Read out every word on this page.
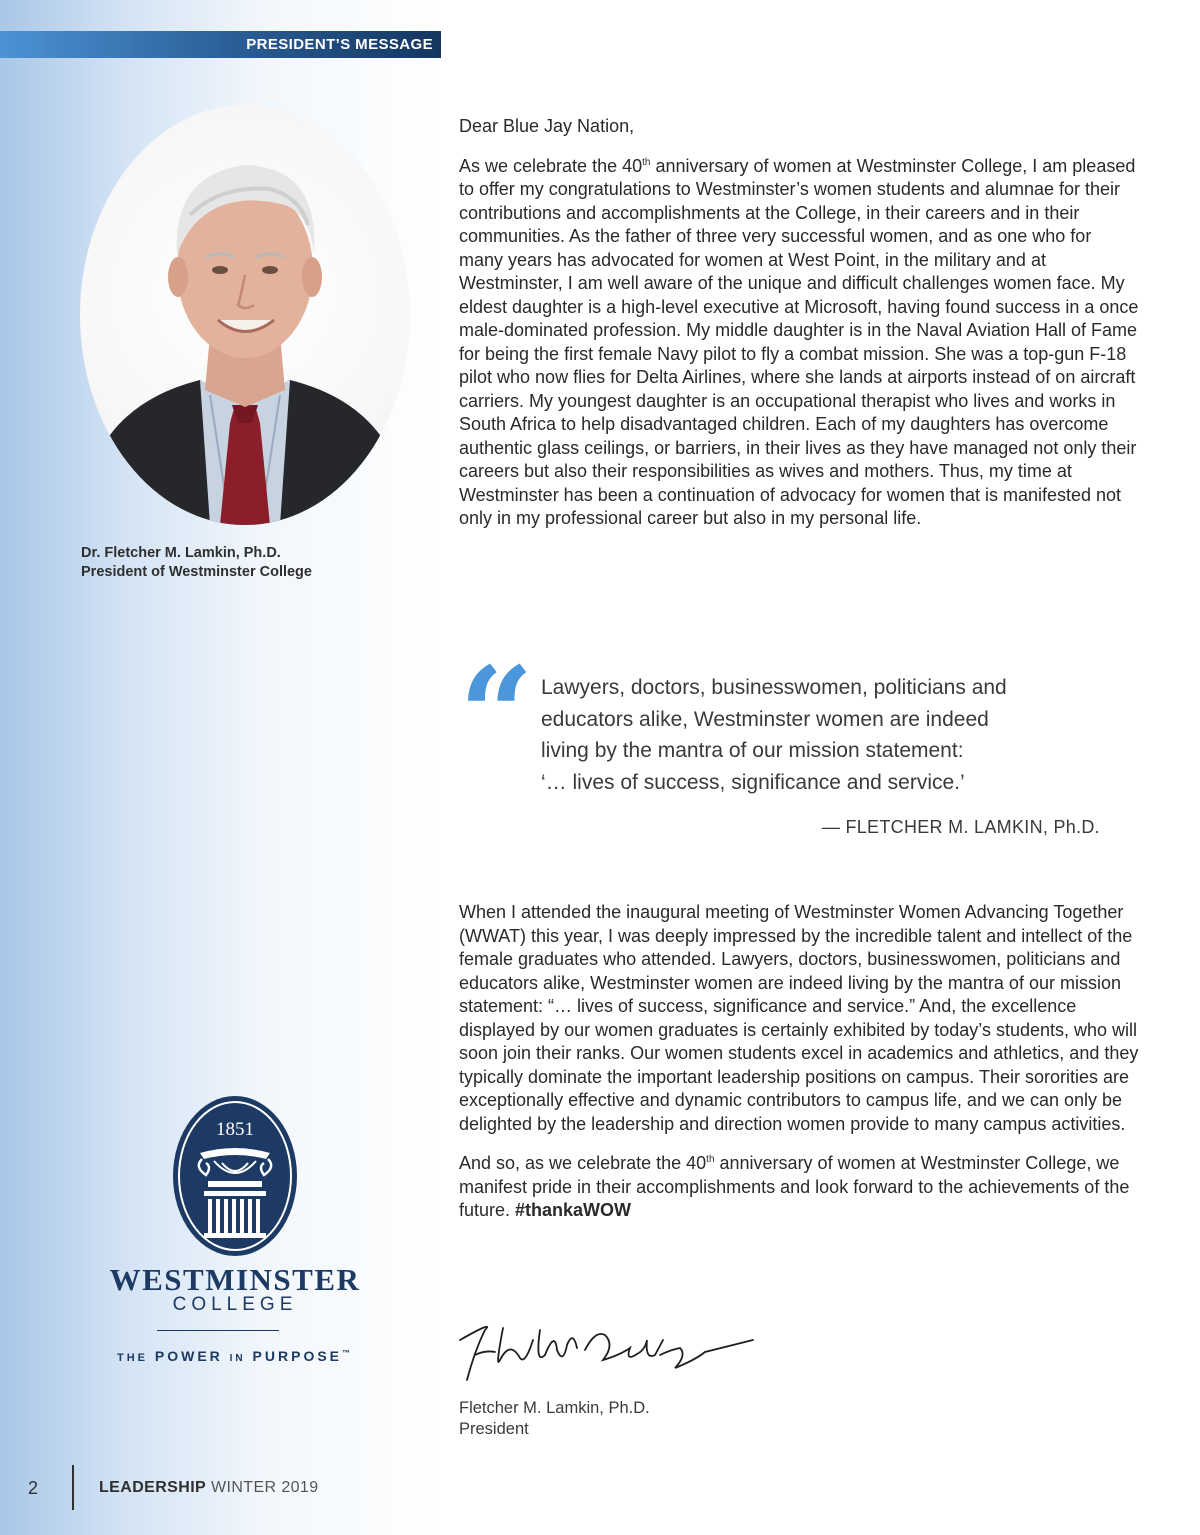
PRESIDENT’S MESSAGE
Dr. Fletcher M. Lamkin, Ph.D.
President of Westminster College

Dear Blue Jay Nation,

As we celebrate the 40th anniversary of women at Westminster College, I am pleased to offer my congratulations to Westminster’s women students and alumnae for their contributions and accomplishments at the College, in their careers and in their communities. As the father of three very successful women, and as one who for many years has advocated for women at West Point, in the military and at Westminster, I am well aware of the unique and difficult challenges women face. My eldest daughter is a high-level executive at Microsoft, having found success in a once male-dominated profession. My middle daughter is in the Naval Aviation Hall of Fame for being the first female Navy pilot to fly a combat mission. She was a top-gun F-18 pilot who now flies for Delta Airlines, where she lands at airports instead of on aircraft carriers. My youngest daughter is an occupational therapist who lives and works in South Africa to help disadvantaged children. Each of my daughters has overcome authentic glass ceilings, or barriers, in their lives as they have managed not only their careers but also their responsibilities as wives and mothers. Thus, my time at Westminster has been a continuation of advocacy for women that is manifested not only in my professional career but also in my personal life.

“ Lawyers, doctors, businesswomen, politicians and
educators alike, Westminster women are indeed
living by the mantra of our mission statement:
‘… lives of success, significance and service.’
— FLETCHER M. LAMKIN, Ph.D.

When I attended the inaugural meeting of Westminster Women Advancing Together (WWAT) this year, I was deeply impressed by the incredible talent and intellect of the female graduates who attended. Lawyers, doctors, businesswomen, politicians and educators alike, Westminster women are indeed living by the mantra of our mission statement: “… lives of success, significance and service.” And, the excellence displayed by our women graduates is certainly exhibited by today’s students, who will soon join their ranks. Our women students excel in academics and athletics, and they typically dominate the important leadership positions on campus. Their sororities are exceptionally effective and dynamic contributors to campus life, and we can only be delighted by the leadership and direction women provide to many campus activities.

And so, as we celebrate the 40th anniversary of women at Westminster College, we manifest pride in their accomplishments and look forward to the achievements of the future. #thankaWOW

Fletcher M. Lamkin, Ph.D.
President
1851
WESTMINSTER
COLLEGE
THE POWER IN PURPOSE™
2	LEADERSHIP WINTER 2019
